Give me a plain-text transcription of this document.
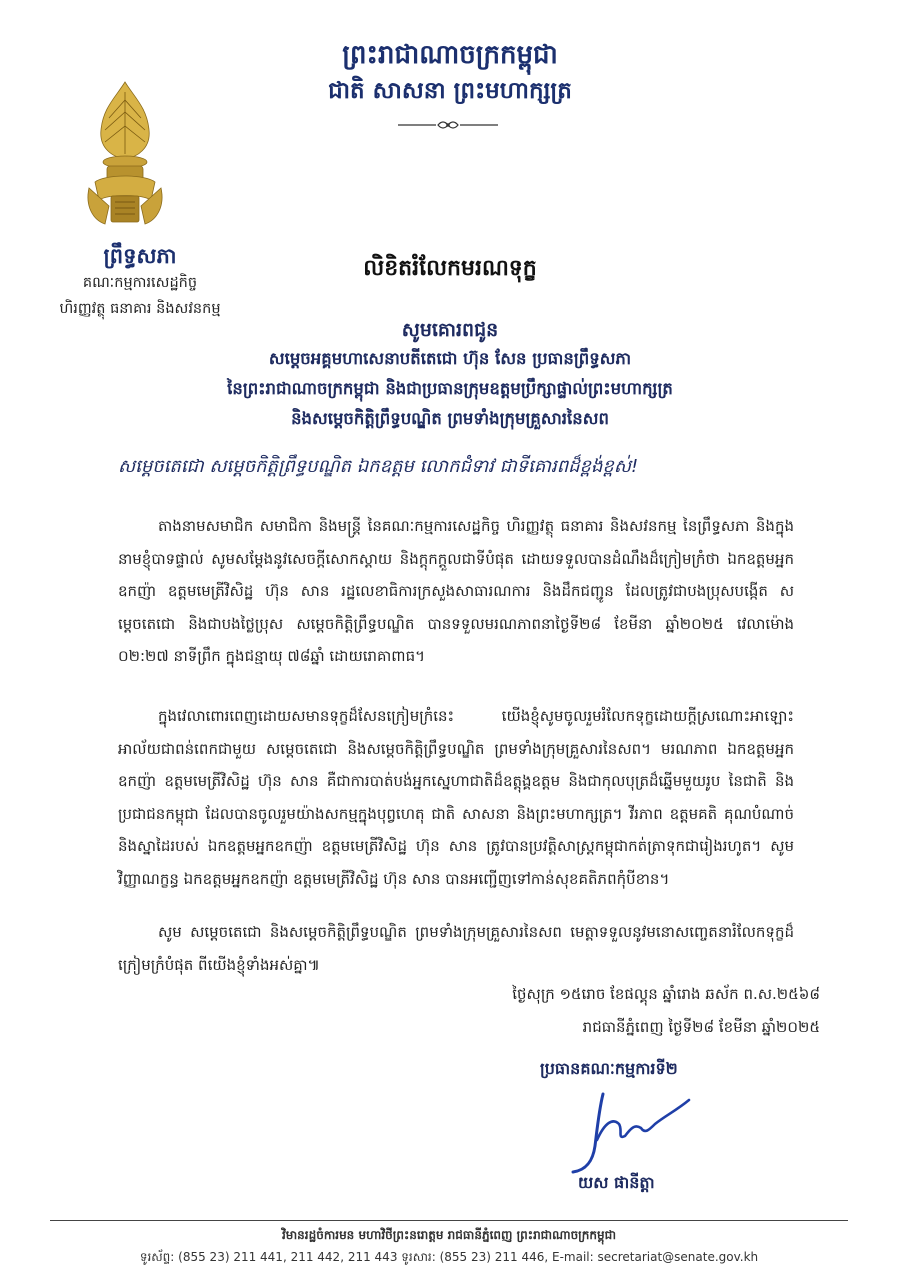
ព្រះរាជាណាចក្រកម្ពុជា
ជាតិ សាសនា ព្រះមហាក្សត្រ
ព្រឹទ្ធសភា
គណៈកម្មការសេដ្ឋកិច្ច
ហិរញ្ញវត្ថុ ធនាគារ និងសវនកម្ម
លិខិតរំលែកមរណទុក្ខ
សូមគោរពជូន
សម្តេចអគ្គមហាសេនាបតីតេជោ ហ៊ុន សែន ប្រធានព្រឹទ្ធសភា
នៃព្រះរាជាណាចក្រកម្ពុជា និងជាប្រធានក្រុមឧត្តមប្រឹក្សាផ្ទាល់ព្រះមហាក្សត្រ
និងសម្តេចកិត្តិព្រឹទ្ធបណ្ឌិត ព្រមទាំងក្រុមគ្រួសារនៃសព
សម្តេចតេជោ សម្តេចកិត្តិព្រឹទ្ធបណ្ឌិត ឯកឧត្តម លោកជំទាវ ជាទីគោរពដ៏ខ្ពង់ខ្ពស់!
តាងនាមសមាជិក សមាជិកា និងមន្ត្រី នៃគណៈកម្មការសេដ្ឋកិច្ច ហិរញ្ញវត្ថុ ធនាគារ និងសវនកម្ម នៃព្រឹទ្ធសភា និងក្នុងនាមខ្ញុំបាទផ្ទាល់ សូមសម្តែងនូវសេចក្តីសោកស្តាយ និងក្តុកក្តួលជាទីបំផុត ដោយទទួលបានដំណឹងដ៏ក្រៀមក្រំថា ឯកឧត្តមអ្នកឧកញ៉ា ឧត្តមមេត្រីវិសិដ្ឋ ហ៊ុន សាន រដ្ឋលេខាធិការក្រសួងសាធារណការ និងដឹកជញ្ជូន ដែលត្រូវជាបងប្រុសបង្កើត សម្តេចតេជោ និងជាបងថ្លៃប្រុស សម្តេចកិត្តិព្រឹទ្ធបណ្ឌិត បានទទួលមរណភាពនាថ្ងៃទី២៨ ខែមីនា ឆ្នាំ២០២៥ វេលាម៉ោង ០២:២៧ នាទីព្រឹក ក្នុងជន្មាយុ ៧៨ឆ្នាំ ដោយរោគាពាធ។
ក្នុងវេលាពោរពេញដោយសមានទុក្ខដ៏សែនក្រៀមក្រំនេះ យើងខ្ញុំសូមចូលរួមរំលែកទុក្ខដោយក្តីស្រណោះអាឡោះអាល័យជាពន់ពេកជាមួយ សម្តេចតេជោ និងសម្តេចកិត្តិព្រឹទ្ធបណ្ឌិត ព្រមទាំងក្រុមគ្រួសារនៃសព។ មរណភាព ឯកឧត្តមអ្នកឧកញ៉ា ឧត្តមមេត្រីវិសិដ្ឋ ហ៊ុន សាន គឺជាការបាត់បង់អ្នកស្នេហាជាតិដ៏ឧត្តុង្គឧត្តម និងជាកុលបុត្រដ៏ឆ្នើមមួយរូប នៃជាតិ និងប្រជាជនកម្ពុជា ដែលបានចូលរួមយ៉ាងសកម្មក្នុងបុព្វហេតុ ជាតិ សាសនា និងព្រះមហាក្សត្រ។ វីរភាព ឧត្តមគតិ គុណបំណាច់ និងស្នាដៃរបស់ ឯកឧត្តមអ្នកឧកញ៉ា ឧត្តមមេត្រីវិសិដ្ឋ ហ៊ុន សាន ត្រូវបានប្រវត្តិសាស្ត្រកម្ពុជាកត់ត្រាទុកជារៀងរហូត។ សូមវិញ្ញាណក្ខន្ធ ឯកឧត្តមអ្នកឧកញ៉ា ឧត្តមមេត្រីវិសិដ្ឋ ហ៊ុន សាន បានអញ្ជើញទៅកាន់សុខគតិភពកុំបីខាន។
សូម សម្តេចតេជោ និងសម្តេចកិត្តិព្រឹទ្ធបណ្ឌិត ព្រមទាំងក្រុមគ្រួសារនៃសព មេត្តាទទួលនូវមនោសញ្ចេតនារំលែកទុក្ខដ៏ក្រៀមក្រំបំផុត ពីយើងខ្ញុំទាំងអស់គ្នា៕
ថ្ងៃសុក្រ ១៥រោច ខែផល្គុន ឆ្នាំរោង ឆស័ក ព.ស.២៥៦៨
រាជធានីភ្នំពេញ ថ្ងៃទី២៨ ខែមីនា ឆ្នាំ២០២៥
ប្រធានគណៈកម្មការទី២
យស ផានីត្តា
វិមានរដ្ឋចំការមន មហាវិថីព្រះនរោត្តម រាជធានីភ្នំពេញ ព្រះរាជាណាចក្រកម្ពុជា
ទូរស័ព្ទ: (855 23) 211 441, 211 442, 211 443 ទូរសារ: (855 23) 211 446, E-mail: secretariat@senate.gov.kh
